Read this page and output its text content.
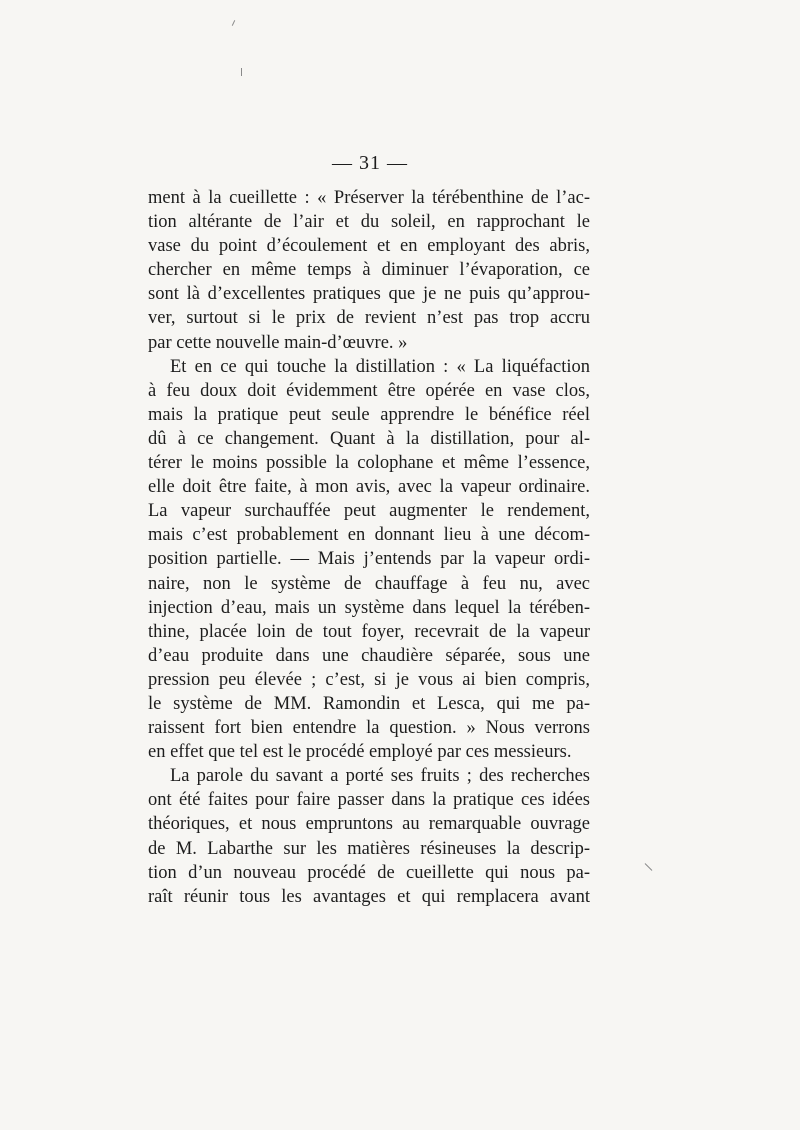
— 31 —
ment à la cueillette : « Préserver la térébenthine de l’ac-
tion altérante de l’air et du soleil, en rapprochant le
vase du point d’écoulement et en employant des abris,
chercher en même temps à diminuer l’évaporation, ce
sont là d’excellentes pratiques que je ne puis qu’approu-
ver, surtout si le prix de revient n’est pas trop accru
par cette nouvelle main-d’œuvre. »
Et en ce qui touche la distillation : « La liquéfaction
à feu doux doit évidemment être opérée en vase clos,
mais la pratique peut seule apprendre le bénéfice réel
dû à ce changement. Quant à la distillation, pour al-
térer le moins possible la colophane et même l’essence,
elle doit être faite, à mon avis, avec la vapeur ordinaire.
La vapeur surchauffée peut augmenter le rendement,
mais c’est probablement en donnant lieu à une décom-
position partielle. — Mais j’entends par la vapeur ordi-
naire, non le système de chauffage à feu nu, avec
injection d’eau, mais un système dans lequel la térében-
thine, placée loin de tout foyer, recevrait de la vapeur
d’eau produite dans une chaudière séparée, sous une
pression peu élevée ; c’est, si je vous ai bien compris,
le système de MM. Ramondin et Lesca, qui me pa-
raissent fort bien entendre la question. » Nous verrons
en effet que tel est le procédé employé par ces messieurs.
La parole du savant a porté ses fruits ; des recherches
ont été faites pour faire passer dans la pratique ces idées
théoriques, et nous empruntons au remarquable ouvrage
de M. Labarthe sur les matières résineuses la descrip-
tion d’un nouveau procédé de cueillette qui nous pa-
raît réunir tous les avantages et qui remplacera avant
